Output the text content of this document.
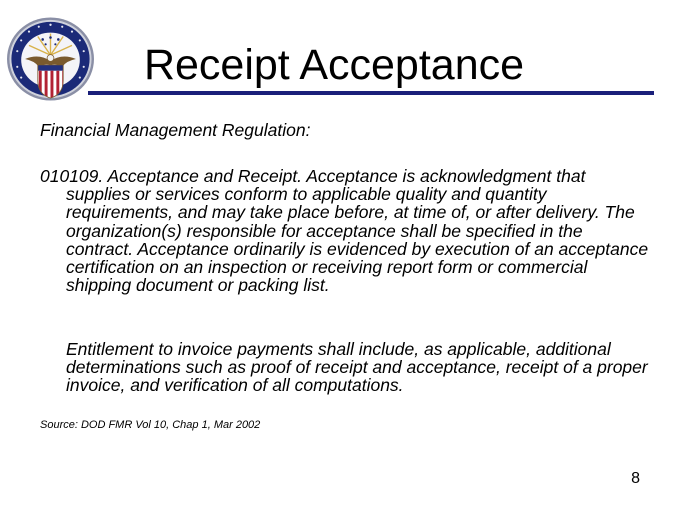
Receipt Acceptance
Financial Management Regulation:
010109. Acceptance and Receipt. Acceptance is acknowledgment that supplies or services conform to applicable quality and quantity requirements, and may take place before, at time of, or after delivery. The organization(s) responsible for acceptance shall be specified in the contract. Acceptance ordinarily is evidenced by execution of an acceptance certification on an inspection or receiving report form or commercial shipping document or packing list.
Entitlement to invoice payments shall include, as applicable, additional determinations such as proof of receipt and acceptance, receipt of a proper invoice, and verification of all computations.
Source: DOD FMR Vol 10, Chap 1, Mar 2002
8
